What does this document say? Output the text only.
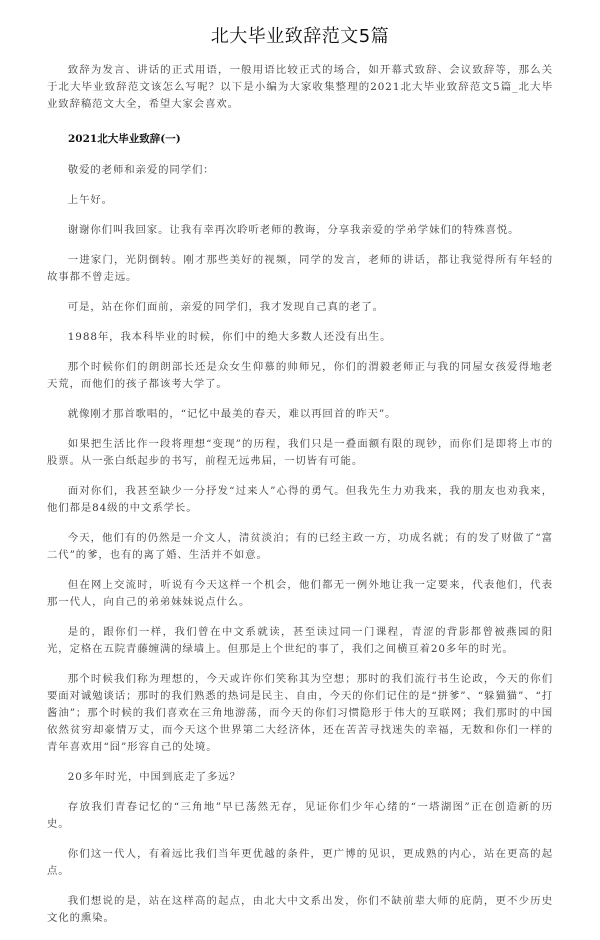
北大毕业致辞范文5篇

致辞为发言、讲话的正式用语，一般用语比较正式的场合，如开幕式致辞、会议致辞等，那么关于北大毕业致辞范文该怎么写呢？以下是小编为大家收集整理的2021北大毕业致辞范文5篇_北大毕业致辞稿范文大全，希望大家会喜欢。

2021北大毕业致辞(一)

敬爱的老师和亲爱的同学们：

上午好。

谢谢你们叫我回家。让我有幸再次聆听老师的教诲，分享我亲爱的学弟学妹们的特殊喜悦。

一进家门，光阴倒转。刚才那些美好的视频，同学的发言，老师的讲话，都让我觉得所有年轻的故事都不曾走远。

可是，站在你们面前，亲爱的同学们，我才发现自己真的老了。

1988年，我本科毕业的时候，你们中的绝大多数人还没有出生。

那个时候你们的朗朗部长还是众女生仰慕的帅师兄，你们的渭毅老师正与我的同屋女孩爱得地老天荒，而他们的孩子都该考大学了。

就像刚才那首歌唱的，“记忆中最美的春天，难以再回首的昨天”。

如果把生活比作一段将理想“变现”的历程，我们只是一叠面额有限的现钞，而你们是即将上市的股票。从一张白纸起步的书写，前程无远弗届，一切皆有可能。

面对你们，我甚至缺少一分抒发“过来人”心得的勇气。但我先生力劝我来，我的朋友也劝我来，他们都是84级的中文系学长。

今天，他们有的仍然是一介文人，清贫淡泊；有的已经主政一方，功成名就；有的发了财做了“富二代”的爹，也有的离了婚、生活并不如意。

但在网上交流时，听说有今天这样一个机会，他们都无一例外地让我一定要来，代表他们，代表那一代人，向自己的弟弟妹妹说点什么。

是的，跟你们一样，我们曾在中文系就读，甚至读过同一门课程，青涩的背影都曾被燕园的阳光，定格在五院青藤缠满的绿墙上。但那是上个世纪的事了，我们之间横亘着20多年的时光。

那个时候我们称为理想的，今天或许你们笑称其为空想；那时的我们流行书生论政，今天的你们要面对诚勉谈话；那时的我们熟悉的热词是民主、自由，今天的你们记住的是“拼爹”、“躲猫猫”、“打酱油”；那个时候的我们喜欢在三角地游荡，而今天的你们习惯隐形于伟大的互联网；我们那时的中国依然贫穷却豪情万丈，而今天这个世界第二大经济体，还在苦苦寻找迷失的幸福，无数和你们一样的青年喜欢用“囧”形容自己的处境。

20多年时光，中国到底走了多远？

存放我们青春记忆的“三角地”早已荡然无存，见证你们少年心绪的“一塔湖图”正在创造新的历史。

你们这一代人，有着远比我们当年更优越的条件，更广博的见识，更成熟的内心，站在更高的起点。

我们想说的是，站在这样高的起点，由北大中文系出发，你们不缺前辈大师的庇荫，更不少历史文化的熏染。
